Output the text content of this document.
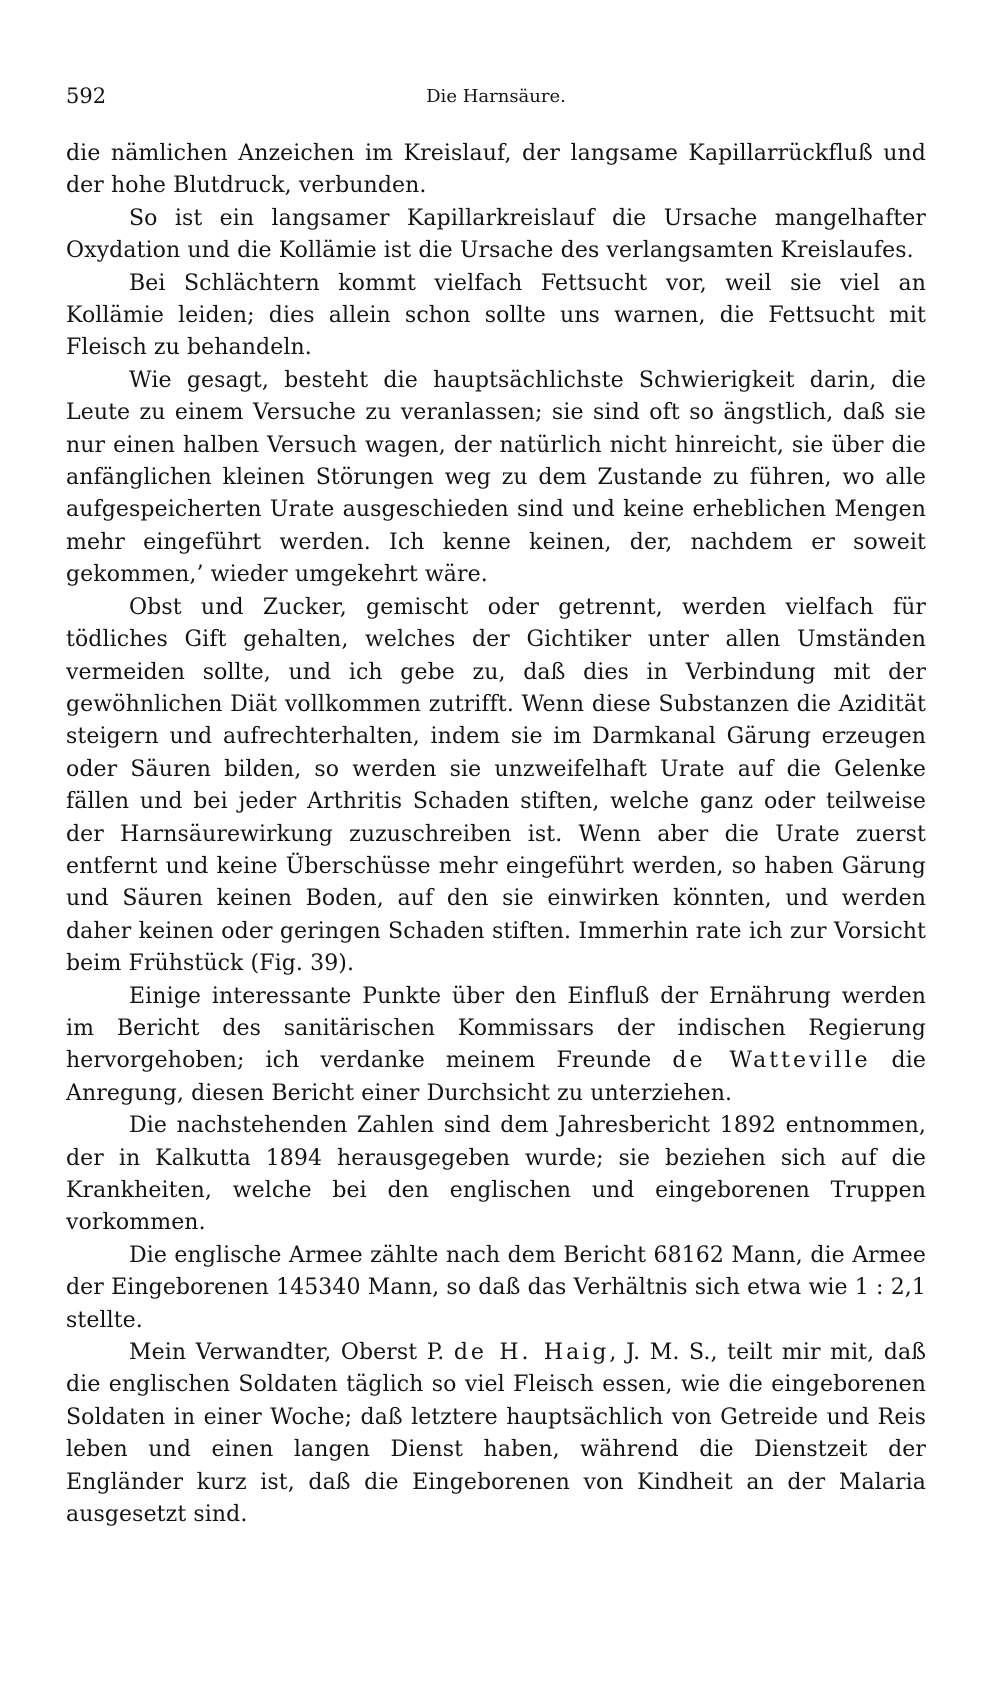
592	Die Harnsäure.

die nämlichen Anzeichen im Kreislauf, der langsame Kapillarrückfluß und der hohe Blutdruck, verbunden.

So ist ein langsamer Kapillarkreislauf die Ursache mangelhafter Oxydation und die Kollämie ist die Ursache des verlangsamten Kreislaufes.

Bei Schlächtern kommt vielfach Fettsucht vor, weil sie viel an Kollämie leiden; dies allein schon sollte uns warnen, die Fettsucht mit Fleisch zu behandeln.

Wie gesagt, besteht die hauptsächlichste Schwierigkeit darin, die Leute zu einem Versuche zu veranlassen; sie sind oft so ängstlich, daß sie nur einen halben Versuch wagen, der natürlich nicht hinreicht, sie über die anfänglichen kleinen Störungen weg zu dem Zustande zu führen, wo alle aufgespeicherten Urate ausgeschieden sind und keine erheblichen Mengen mehr eingeführt werden. Ich kenne keinen, der, nachdem er soweit gekommen,’ wieder umgekehrt wäre.

Obst und Zucker, gemischt oder getrennt, werden vielfach für tödliches Gift gehalten, welches der Gichtiker unter allen Umständen vermeiden sollte, und ich gebe zu, daß dies in Verbindung mit der gewöhnlichen Diät vollkommen zutrifft. Wenn diese Substanzen die Azidität steigern und aufrechterhalten, indem sie im Darmkanal Gärung erzeugen oder Säuren bilden, so werden sie unzweifelhaft Urate auf die Gelenke fällen und bei jeder Arthritis Schaden stiften, welche ganz oder teilweise der Harnsäurewirkung zuzuschreiben ist. Wenn aber die Urate zuerst entfernt und keine Überschüsse mehr eingeführt werden, so haben Gärung und Säuren keinen Boden, auf den sie einwirken könnten, und werden daher keinen oder geringen Schaden stiften. Immerhin rate ich zur Vorsicht beim Frühstück (Fig. 39).

Einige interessante Punkte über den Einfluß der Ernährung werden im Bericht des sanitärischen Kommissars der indischen Regierung hervorgehoben; ich verdanke meinem Freunde de Watteville die Anregung, diesen Bericht einer Durchsicht zu unterziehen.

Die nachstehenden Zahlen sind dem Jahresbericht 1892 entnommen, der in Kalkutta 1894 herausgegeben wurde; sie beziehen sich auf die Krankheiten, welche bei den englischen und eingeborenen Truppen vorkommen.

Die englische Armee zählte nach dem Bericht 68162 Mann, die Armee der Eingeborenen 145340 Mann, so daß das Verhältnis sich etwa wie 1 : 2,1 stellte.

Mein Verwandter, Oberst P. de H. Haig, J. M. S., teilt mir mit, daß die englischen Soldaten täglich so viel Fleisch essen, wie die eingeborenen Soldaten in einer Woche; daß letztere hauptsächlich von Getreide und Reis leben und einen langen Dienst haben, während die Dienstzeit der Engländer kurz ist, daß die Eingeborenen von Kindheit an der Malaria ausgesetzt sind.
